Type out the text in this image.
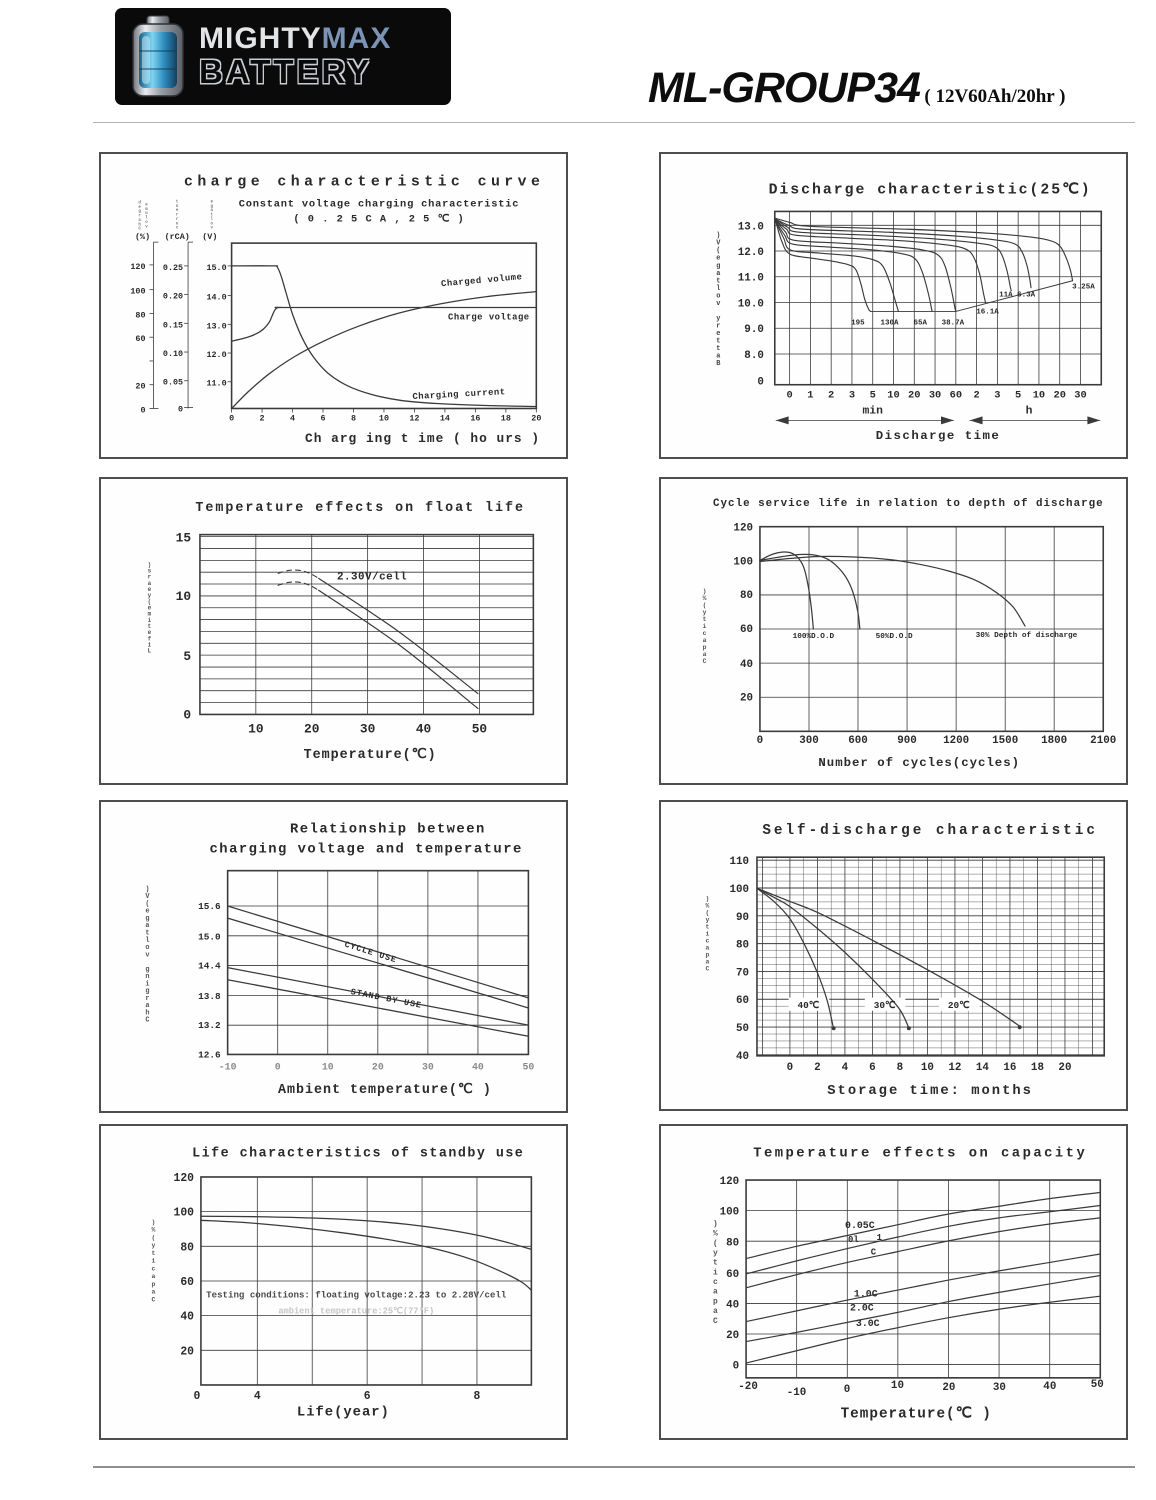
MIGHTYMAX
BATTERY	ML-GROUP34 ( 12V60Ah/20hr )
charge characteristic curve
Constant voltage charging characteristic
( 0 . 2 5 C A , 2 5 ℃ )
(%) (rCA) (V)
120
100
80
60
20
0
0.25
0.20
0.15
0.10
0.05
0
15.0
14.0
13.0
12.0
11.0
0	2	4	6	8	10 12 14 16 18 20
Ch arg ing t ime ( ho urs )
Charged volume
Charge voltage
Charging current
d
e
g
r
a
h
C
e
m
u
l
o
v
t
n
e
r
r
u
c
e
g
a
t
l
o
v
Discharge characteristic(25℃)
13.0
12.0
11.0
10.0
9.0
8.0
0
0 1 2 3 5 10 20 30 60 2 3 5 10 20 30
min	h
Discharge time
195 130A 65A 38.7A
16.1A
11A 6.3A
3.25A
)
V
(
e
g
a
t
l
o
v
y
r
e
t
t
a
B
Temperature effects on float life
15
10
5
0
10	20	30	40	50
Temperature(℃)
2.30V/cell
)
s
r
a
e
y
(
e
m
i
t
e
f
i
L
Cycle service life in relation to depth of discharge
120
100
80
60
40
20
0	300	600	900 1200 1500 1800 2100
Number of cycles(cycles)
100%D.O.D	50%D.O.D	30% Depth of discharge
)
%
(
y
t
i
c
a
p
a
C
Relationship between
charging voltage and temperature
15.6
15.0
14.4
13.8
13.2
12.6
-10	0	10	20	30	40	50
Ambient temperature(℃ )
CYCLE USE
STAND BY USE
)
V
(
e
g
a
t
l
o
v
g
n
i
g
r
a
h
C
Self-discharge characteristic
110
100
90
80
70
60
50
40
0 2 4 6 8 10 12 14 16 18 20
Storage time: months
40℃	30℃	20℃
)
%
(
y
t
i
c
a
p
a
C
Life characteristics of standby use
120
100
80
60
40
20
0	4	6	8
Life(year)
Testing conditions: floating voltage:2.23 to 2.28V/cell
ambient temperature:25℃(77°F)
)
%
(
y
t
i
c
a
p
a
C
Temperature effects on capacity
120
100
80
60
40
20
0
-20
-10	0	10	20	30	40	50
Temperature(℃ )
0.05C
0l 1
C
1.0C
2.0C
3.0C
)
%
(
y
t
i
c
a
p
a
C
